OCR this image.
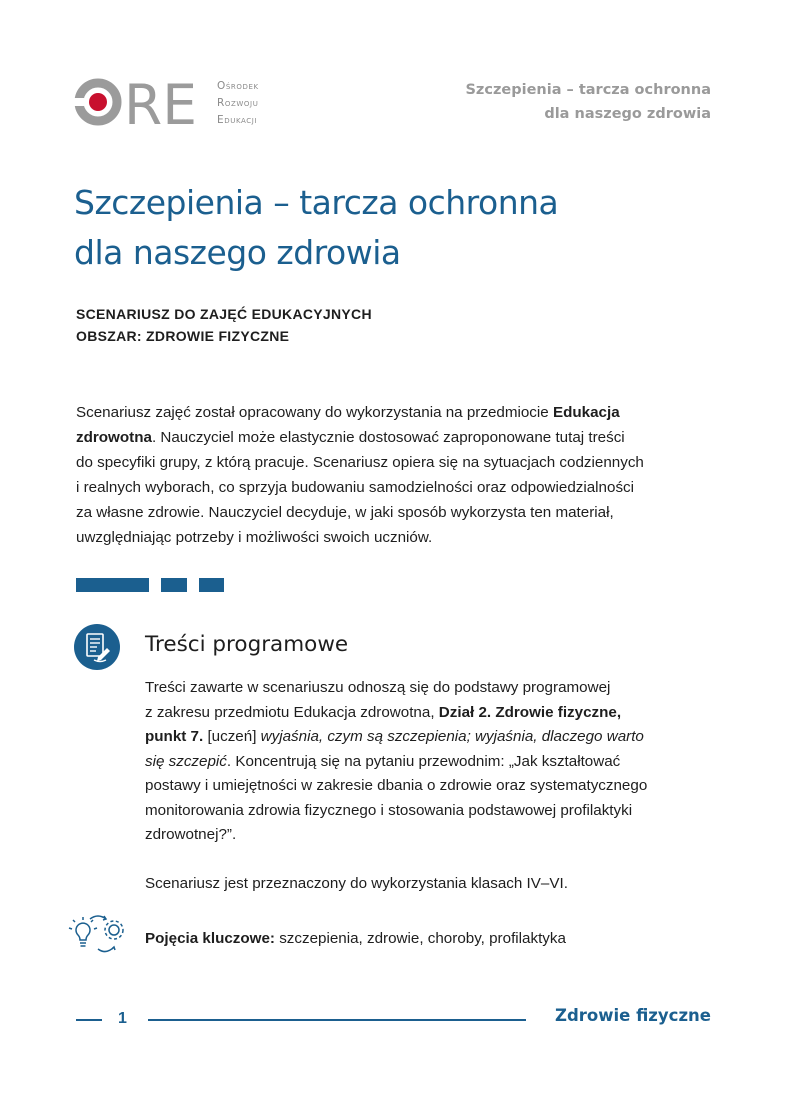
RE Ośrodek
Rozwoju
Edukacji
Szczepienia – tarcza ochronna
dla naszego zdrowia
Szczepienia – tarcza ochronna
dla naszego zdrowia
SCENARIUSZ DO ZAJĘĆ EDUKACYJNYCH
OBSZAR: ZDROWIE FIZYCZNE
Scenariusz zajęć został opracowany do wykorzystania na przedmiocie Edukacja
zdrowotna. Nauczyciel może elastycznie dostosować zaproponowane tutaj treści
do specyfiki grupy, z którą pracuje. Scenariusz opiera się na sytuacjach codziennych
i realnych wyborach, co sprzyja budowaniu samodzielności oraz odpowiedzialności
za własne zdrowie. Nauczyciel decyduje, w jaki sposób wykorzysta ten materiał,
uwzględniając potrzeby i możliwości swoich uczniów.
Treści programowe
Treści zawarte w scenariuszu odnoszą się do podstawy programowej
z zakresu przedmiotu Edukacja zdrowotna, Dział 2. Zdrowie fizyczne,
punkt 7. [uczeń] wyjaśnia, czym są szczepienia; wyjaśnia, dlaczego warto
się szczepić. Koncentrują się na pytaniu przewodnim: „Jak kształtować
postawy i umiejętności w zakresie dbania o zdrowie oraz systematycznego
monitorowania zdrowia fizycznego i stosowania podstawowej profilaktyki
zdrowotnej?”.
Scenariusz jest przeznaczony do wykorzystania klasach IV–VI.
Pojęcia kluczowe: szczepienia, zdrowie, choroby, profilaktyka
1	Zdrowie fizyczne
